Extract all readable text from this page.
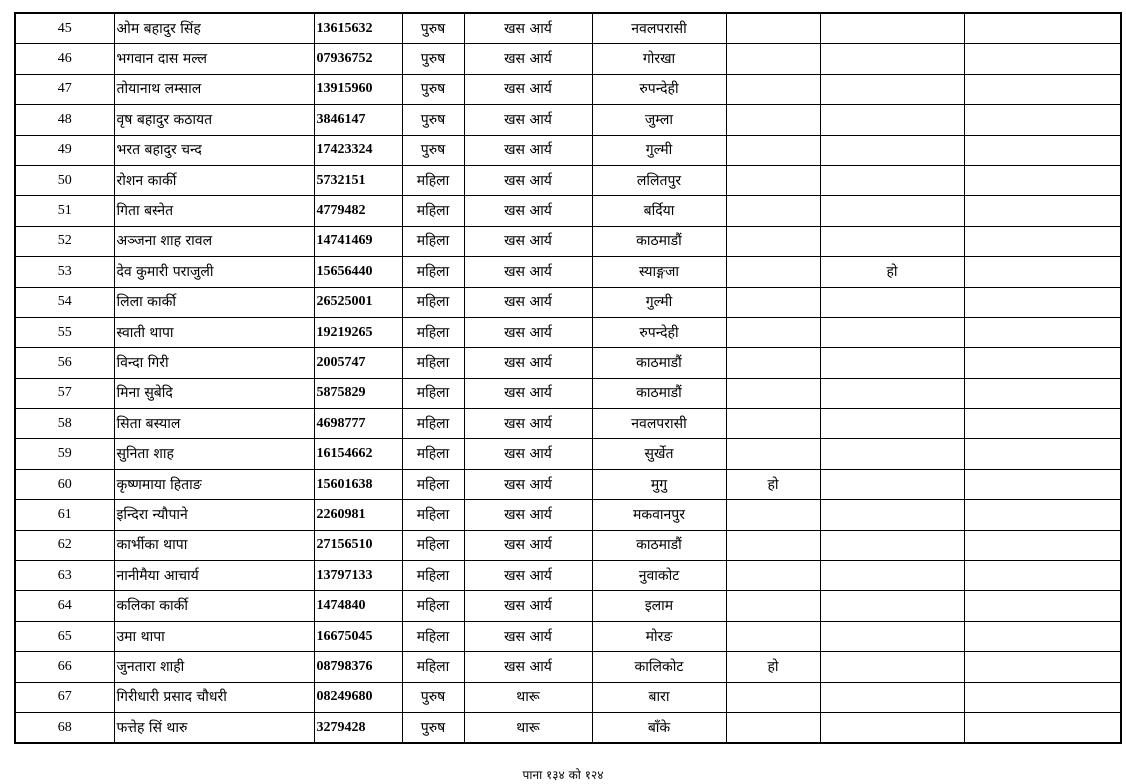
45	ओम बहादुर सिंह	13615632	पुरुष	खस आर्य	नवलपरासी			
46	भगवान दास मल्ल	07936752	पुरुष	खस आर्य	गोरखा			
47	तोयानाथ लम्साल	13915960	पुरुष	खस आर्य	रुपन्देही			
48	वृष बहादुर कठायत	3846147	पुरुष	खस आर्य	जुम्ला			
49	भरत बहादुर चन्द	17423324	पुरुष	खस आर्य	गुल्मी			
50	रोशन कार्की	5732151	महिला	खस आर्य	ललितपुर			
51	गिता बस्नेत	4779482	महिला	खस आर्य	बर्दिया			
52	अञ्जना शाह रावल	14741469	महिला	खस आर्य	काठमाडौं			
53	देव कुमारी पराजुली	15656440	महिला	खस आर्य	स्याङ्गजा		हो	
54	लिला कार्की	26525001	महिला	खस आर्य	गुल्मी			
55	स्वाती थापा	19219265	महिला	खस आर्य	रुपन्देही			
56	विन्दा गिरी	2005747	महिला	खस आर्य	काठमाडौं			
57	मिना सुबेदि	5875829	महिला	खस आर्य	काठमाडौं			
58	सिता बस्याल	4698777	महिला	खस आर्य	नवलपरासी			
59	सुनिता शाह	16154662	महिला	खस आर्य	सुर्खेत			
60	कृष्णमाया हिताङ	15601638	महिला	खस आर्य	मुगु	हो		
61	इन्दिरा न्यौपाने	2260981	महिला	खस आर्य	मकवानपुर			
62	कार्भीका थापा	27156510	महिला	खस आर्य	काठमाडौं			
63	नानीमैया आचार्य	13797133	महिला	खस आर्य	नुवाकोट			
64	कलिका कार्की	1474840	महिला	खस आर्य	इलाम			
65	उमा थापा	16675045	महिला	खस आर्य	मोरङ			
66	जुनतारा शाही	08798376	महिला	खस आर्य	कालिकोट	हो		
67	गिरीधारी प्रसाद चौधरी	08249680	पुरुष	थारू	बारा			
68	फत्तेह सिं थारु	3279428	पुरुष	थारू	बाँके			
पाना १३४ को १२४
